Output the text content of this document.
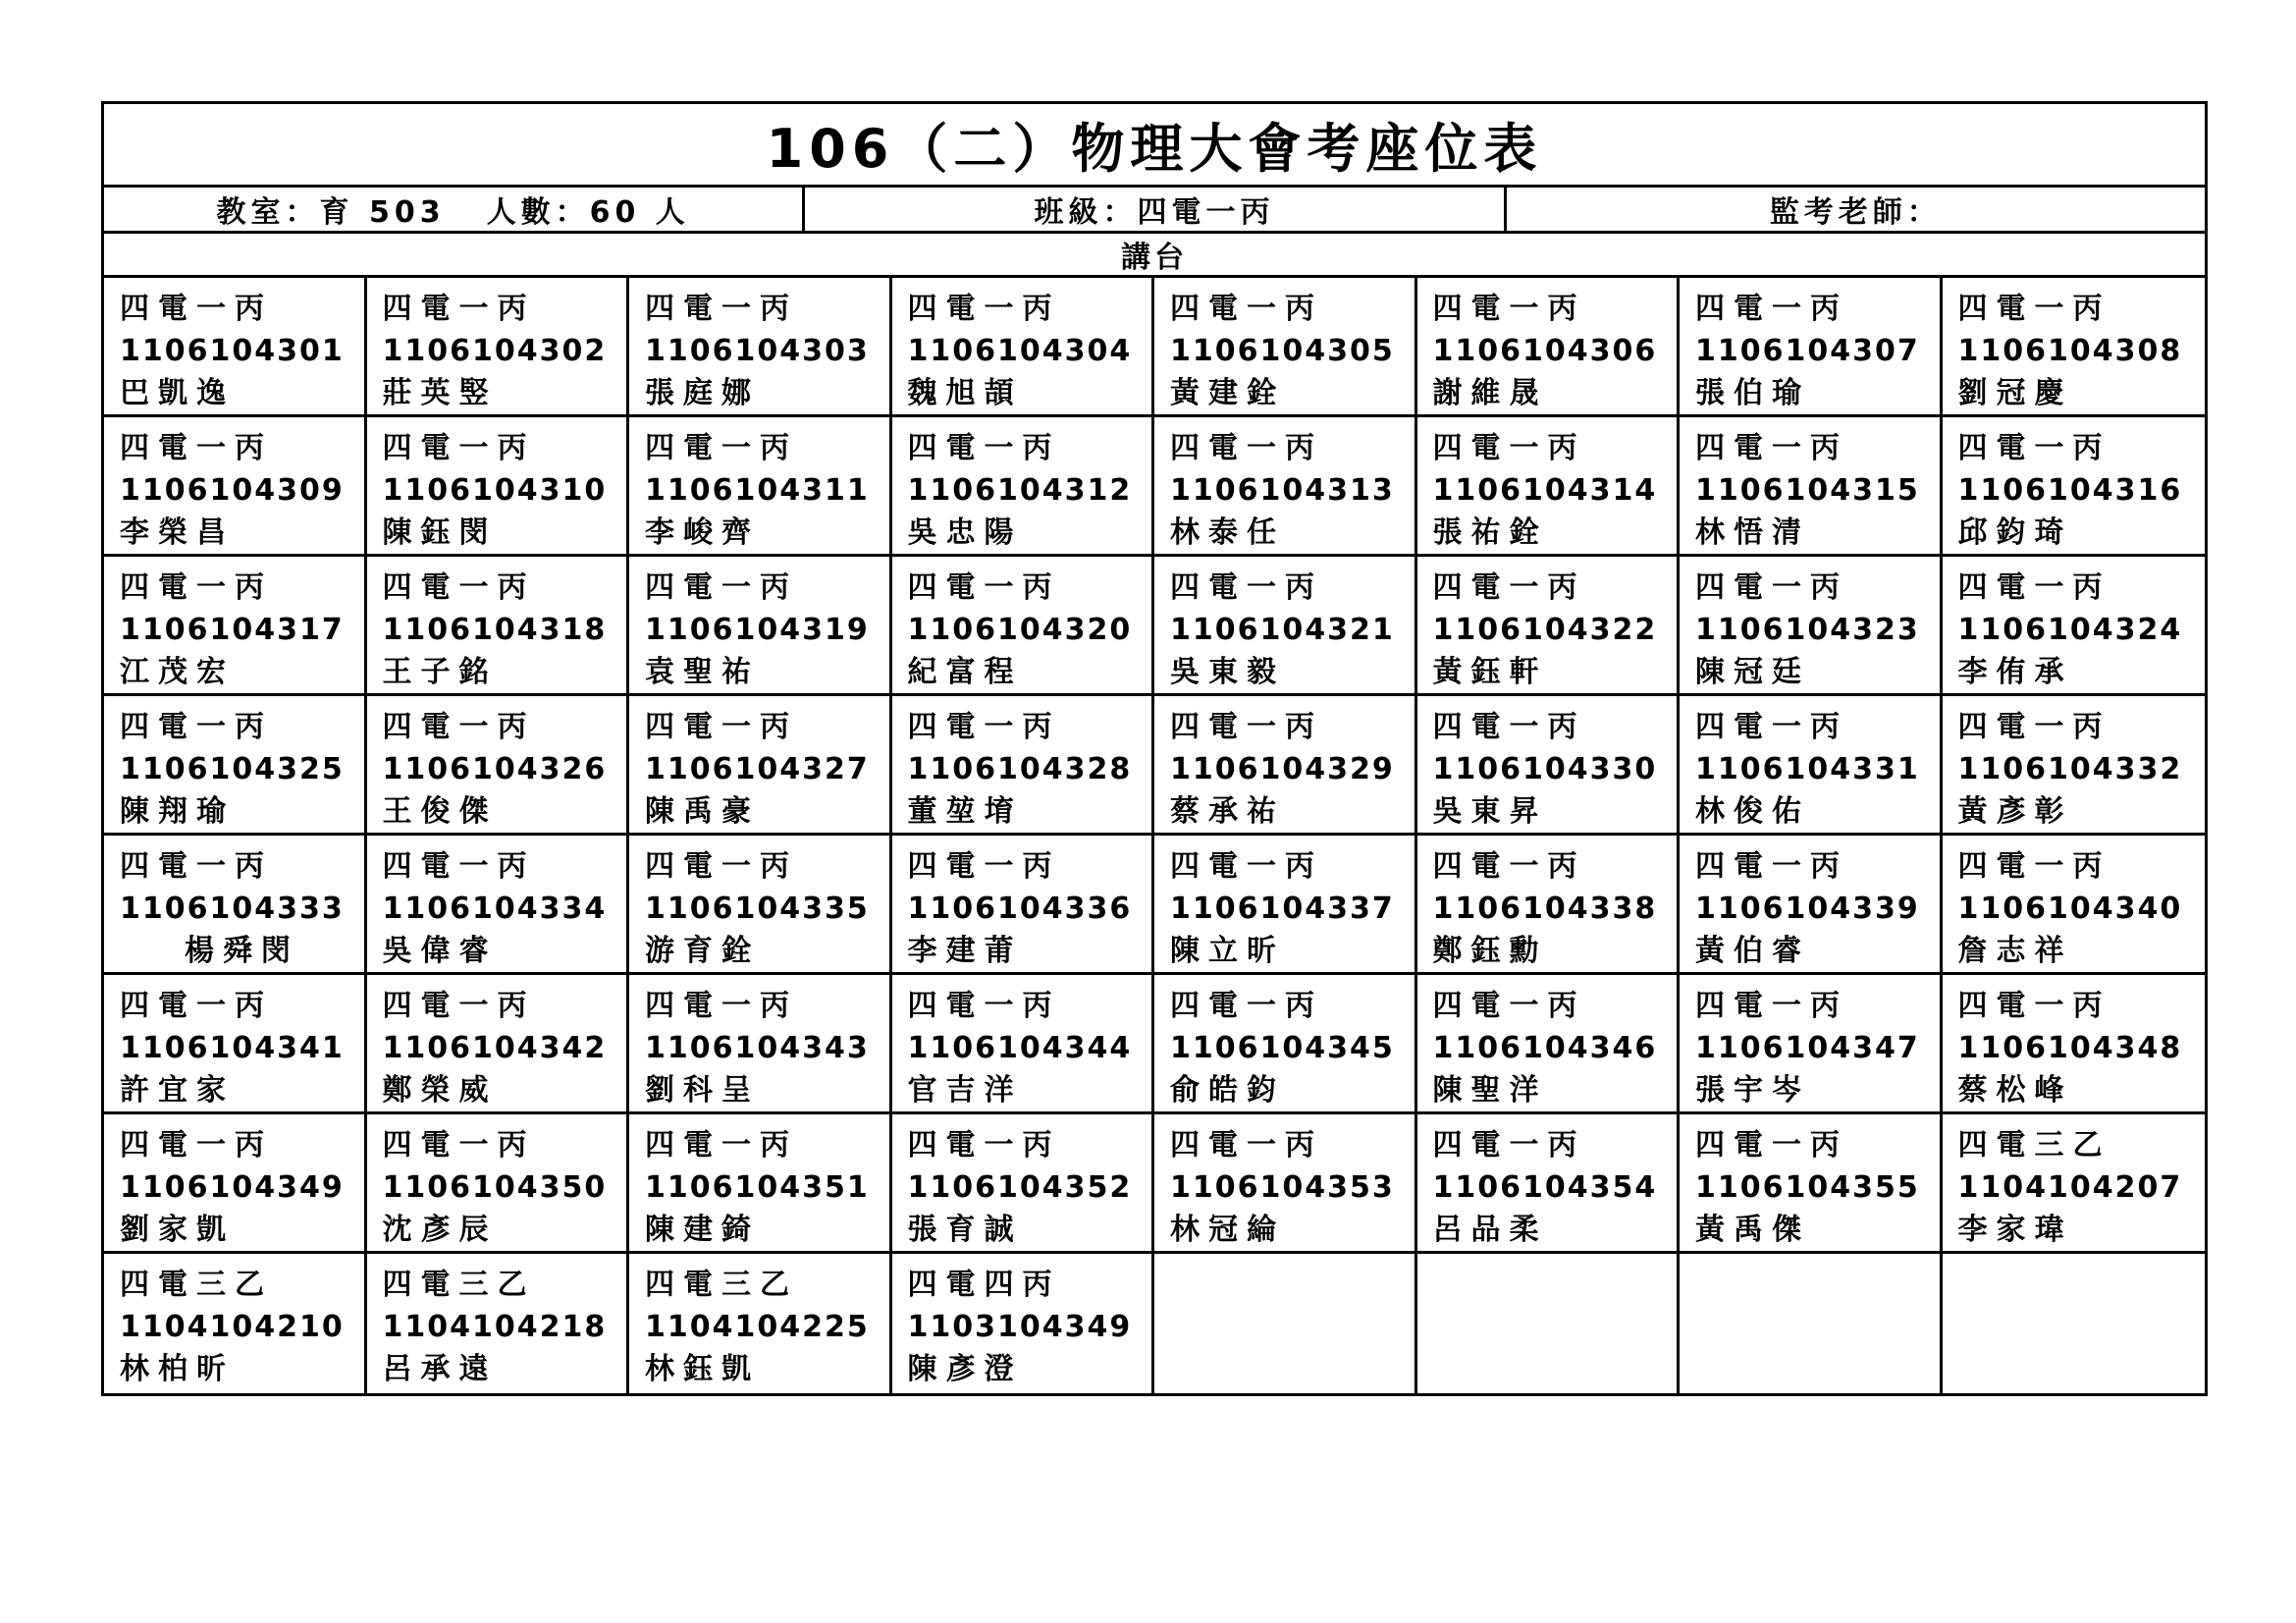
106（二）物理大會考座位表
教室：育 503 人數：60 人	班級：四電一丙	監考老師：
講台
四電一丙
1106104301
巴凱逸
四電一丙
1106104302
莊英竪
四電一丙
1106104303
張庭娜
四電一丙
1106104304
魏旭頡
四電一丙
1106104305
黃建銓
四電一丙
1106104306
謝維晟
四電一丙
1106104307
張伯瑜
四電一丙
1106104308
劉冠慶
四電一丙
1106104309
李榮昌
四電一丙
1106104310
陳鈺閔
四電一丙
1106104311
李峻齊
四電一丙
1106104312
吳忠陽
四電一丙
1106104313
林泰任
四電一丙
1106104314
張祐銓
四電一丙
1106104315
林悟清
四電一丙
1106104316
邱鈞琦
四電一丙
1106104317
江茂宏
四電一丙
1106104318
王子銘
四電一丙
1106104319
袁聖祐
四電一丙
1106104320
紀富程
四電一丙
1106104321
吳東毅
四電一丙
1106104322
黃鈺軒
四電一丙
1106104323
陳冠廷
四電一丙
1106104324
李侑承
四電一丙
1106104325
陳翔瑜
四電一丙
1106104326
王俊傑
四電一丙
1106104327
陳禹豪
四電一丙
1106104328
董堃堉
四電一丙
1106104329
蔡承祐
四電一丙
1106104330
吳東昇
四電一丙
1106104331
林俊佑
四電一丙
1106104332
黃彥彰
四電一丙
1106104333
楊舜閔
四電一丙
1106104334
吳偉睿
四電一丙
1106104335
游育銓
四電一丙
1106104336
李建莆
四電一丙
1106104337
陳立昕
四電一丙
1106104338
鄭鈺勳
四電一丙
1106104339
黃伯睿
四電一丙
1106104340
詹志祥
四電一丙
1106104341
許宜家
四電一丙
1106104342
鄭榮威
四電一丙
1106104343
劉科呈
四電一丙
1106104344
官吉洋
四電一丙
1106104345
俞皓鈞
四電一丙
1106104346
陳聖洋
四電一丙
1106104347
張宇岑
四電一丙
1106104348
蔡松峰
四電一丙
1106104349
劉家凱
四電一丙
1106104350
沈彥辰
四電一丙
1106104351
陳建錡
四電一丙
1106104352
張育誠
四電一丙
1106104353
林冠綸
四電一丙
1106104354
呂品柔
四電一丙
1106104355
黃禹傑
四電三乙
1104104207
李家瑋
四電三乙
1104104210
林柏昕
四電三乙
1104104218
呂承遠
四電三乙
1104104225
林鈺凱
四電四丙
1103104349
陳彥澄
